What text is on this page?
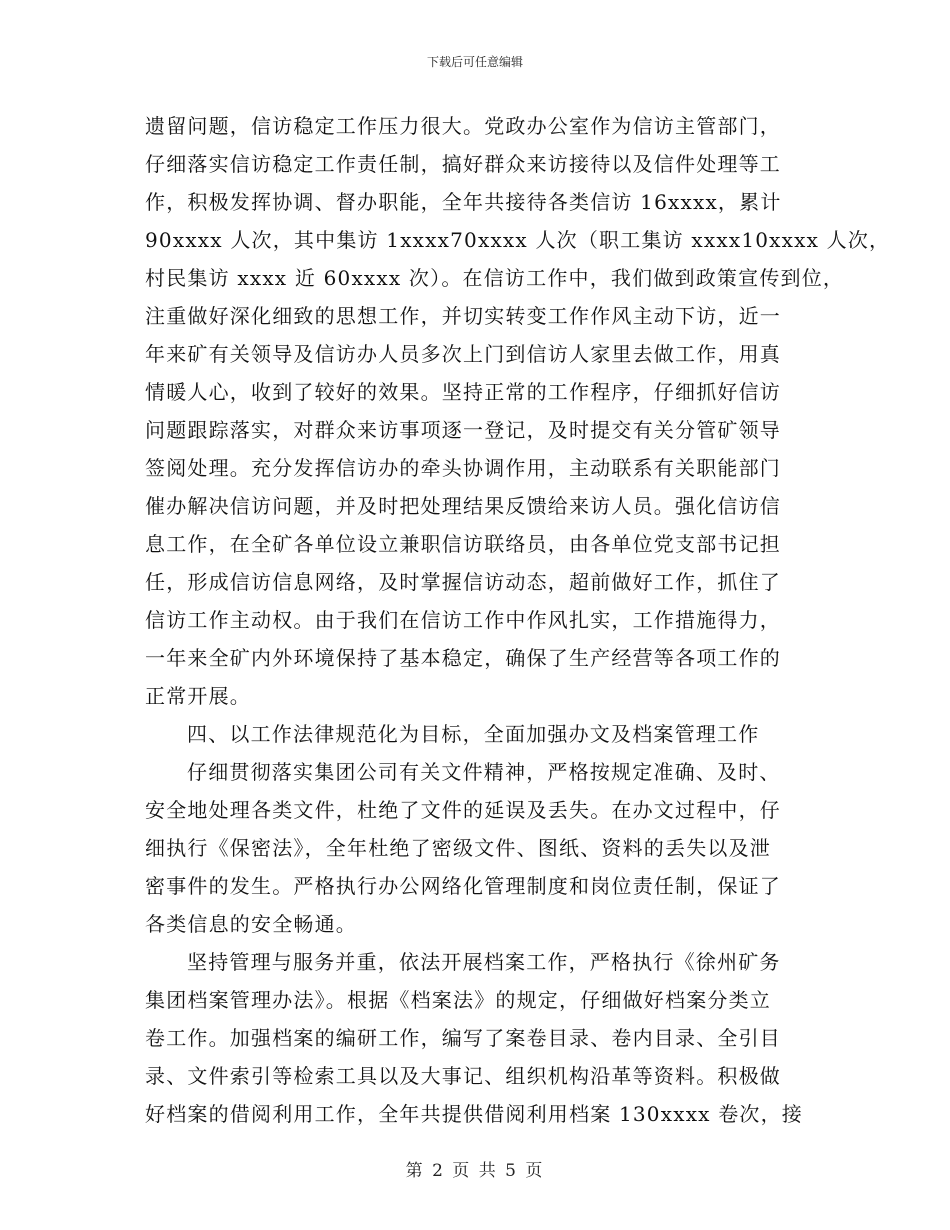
下载后可任意编辑
遗留问题，信访稳定工作压力很大。党政办公室作为信访主管部门，
仔细落实信访稳定工作责任制，搞好群众来访接待以及信件处理等工
作，积极发挥协调、督办职能，全年共接待各类信访 16xxxx，累计
90xxxx 人次，其中集访 1xxxx70xxxx 人次（职工集访 xxxx10xxxx 人次，
村民集访 xxxx 近 60xxxx 次）。在信访工作中，我们做到政策宣传到位，
注重做好深化细致的思想工作，并切实转变工作作风主动下访，近一
年来矿有关领导及信访办人员多次上门到信访人家里去做工作，用真
情暖人心，收到了较好的效果。坚持正常的工作程序，仔细抓好信访
问题跟踪落实，对群众来访事项逐一登记，及时提交有关分管矿领导
签阅处理。充分发挥信访办的牵头协调作用，主动联系有关职能部门
催办解决信访问题，并及时把处理结果反馈给来访人员。强化信访信
息工作，在全矿各单位设立兼职信访联络员，由各单位党支部书记担
任，形成信访信息网络，及时掌握信访动态，超前做好工作，抓住了
信访工作主动权。由于我们在信访工作中作风扎实，工作措施得力，
一年来全矿内外环境保持了基本稳定，确保了生产经营等各项工作的
正常开展。
四、以工作法律规范化为目标，全面加强办文及档案管理工作
仔细贯彻落实集团公司有关文件精神，严格按规定准确、及时、
安全地处理各类文件，杜绝了文件的延误及丢失。在办文过程中，仔
细执行《保密法》，全年杜绝了密级文件、图纸、资料的丢失以及泄
密事件的发生。严格执行办公网络化管理制度和岗位责任制，保证了
各类信息的安全畅通。
坚持管理与服务并重，依法开展档案工作，严格执行《徐州矿务
集团档案管理办法》。根据《档案法》的规定，仔细做好档案分类立
卷工作。加强档案的编研工作，编写了案卷目录、卷内目录、全引目
录、文件索引等检索工具以及大事记、组织机构沿革等资料。积极做
好档案的借阅利用工作，全年共提供借阅利用档案 130xxxx 卷次，接
第 2 页 共 5 页
